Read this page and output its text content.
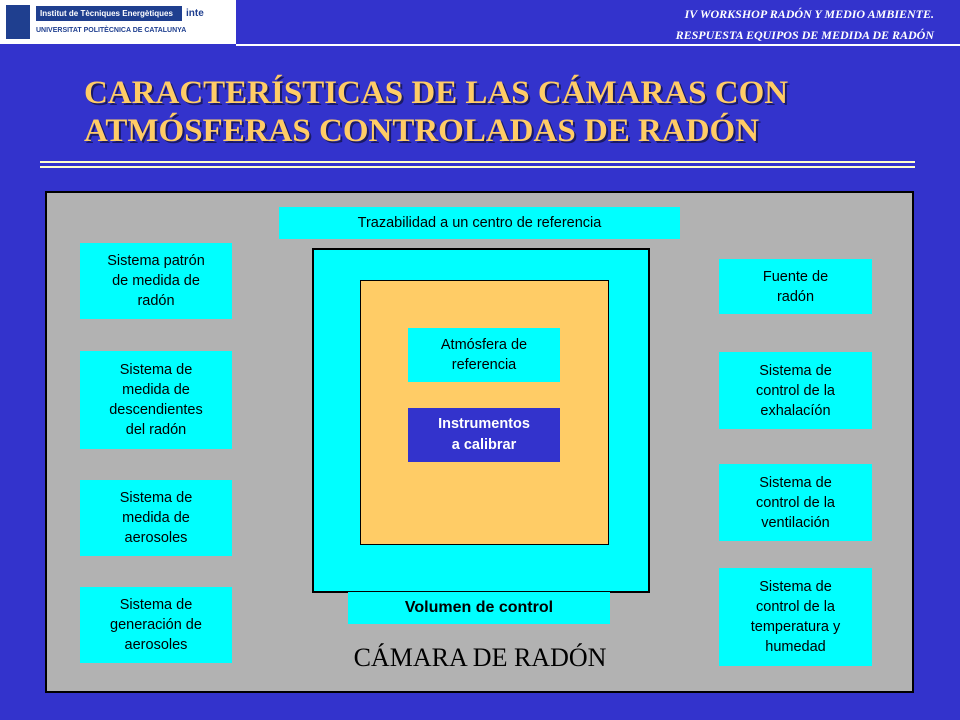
Institut de Tècniques Energètiques	inte
UNIVERSITAT POLITÈCNICA DE CATALUNYA
IV WORKSHOP RADÓN Y MEDIO AMBIENTE.
RESPUESTA EQUIPOS DE MEDIDA DE RADÓN
CARACTERÍSTICAS DE LAS CÁMARAS CON
ATMÓSFERAS CONTROLADAS DE RADÓN
Trazabilidad a un centro de referencia
Sistema patrón
de medida de
radón
Sistema de
medida de
descendientes
del radón
Sistema de
medida de
aerosoles
Sistema de
generación de
aerosoles
Fuente de
radón
Sistema de
control de la
exhalacíón
Sistema de
control de la
ventilación
Sistema de
control de la
temperatura y
humedad
Atmósfera de
referencia
Instrumentos
a calibrar
Volumen de control
CÁMARA DE RADÓN
